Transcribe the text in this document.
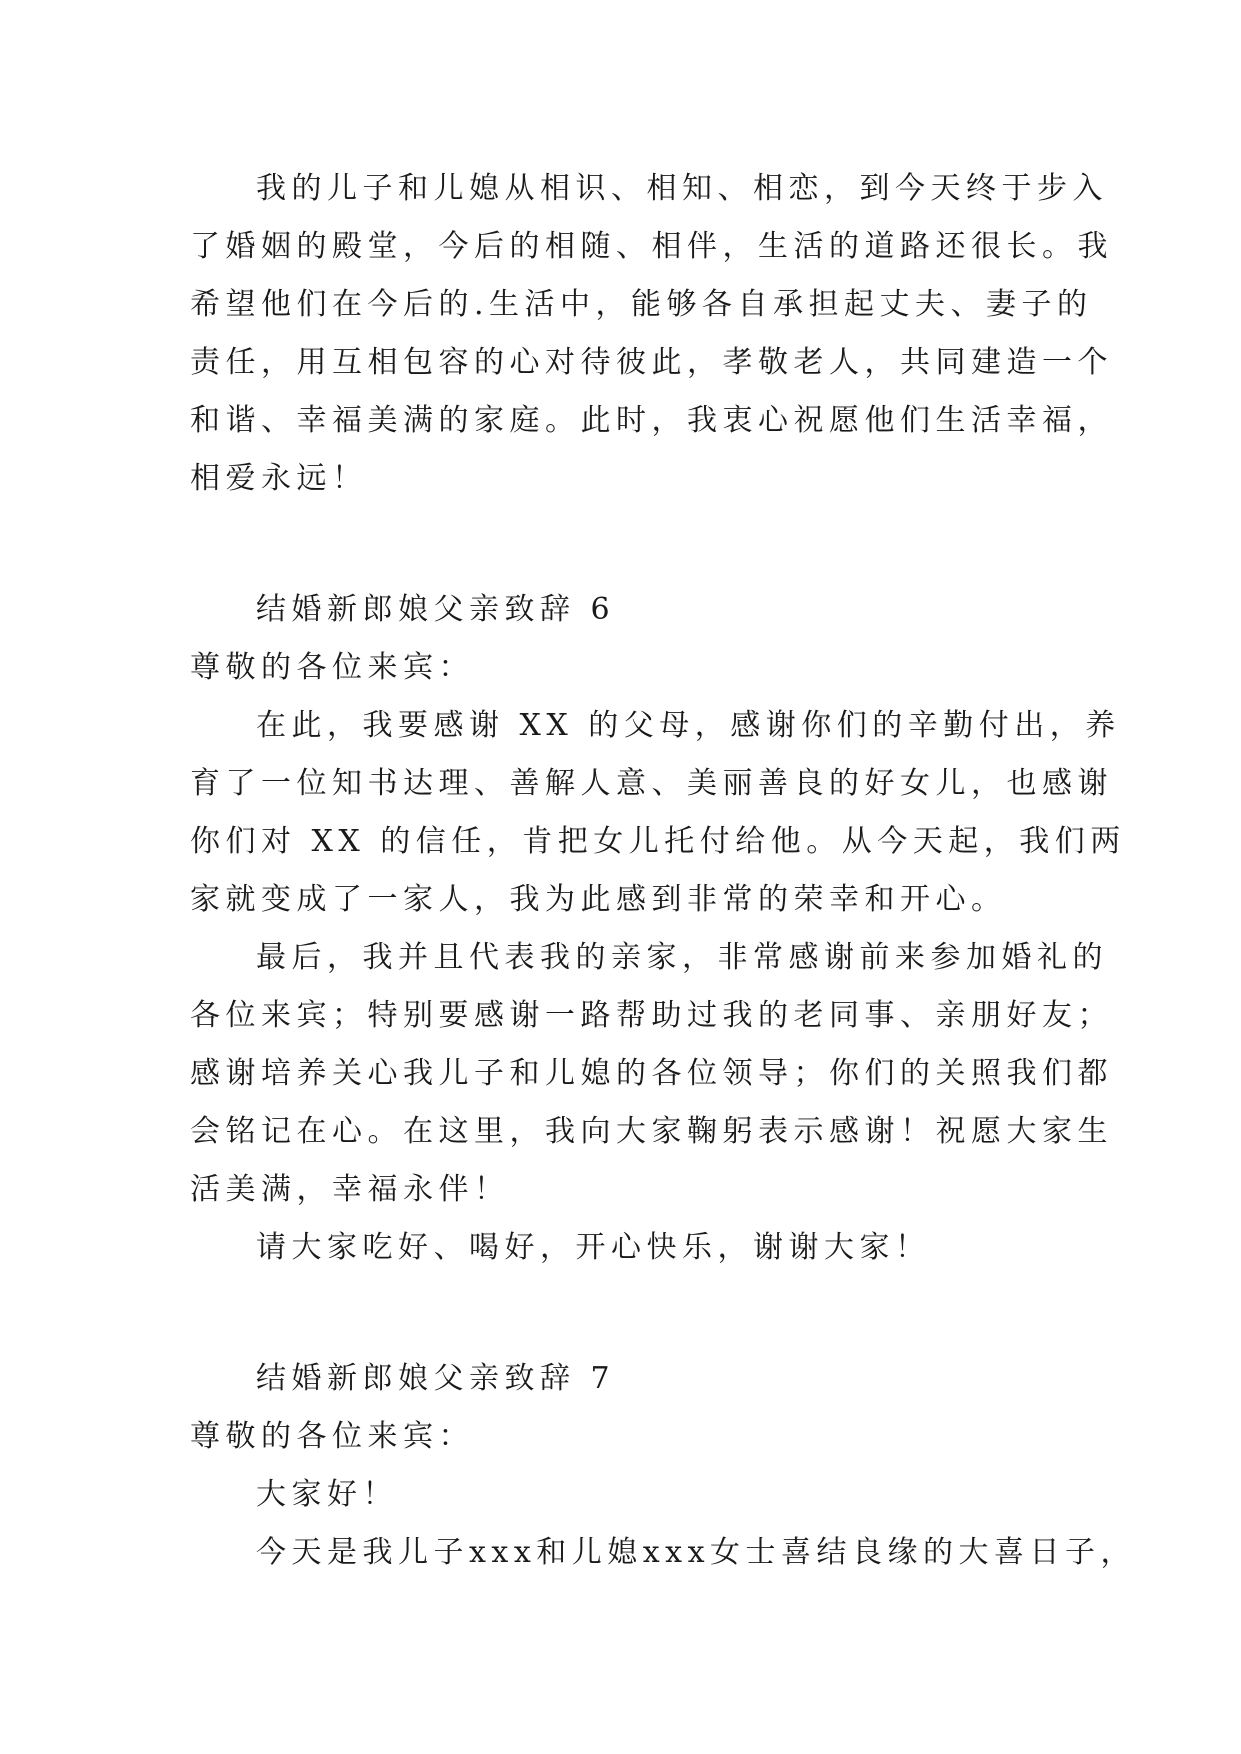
我的儿子和儿媳从相识、相知、相恋，到今天终于步入
了婚姻的殿堂，今后的相随、相伴，生活的道路还很长。我
希望他们在今后的.生活中，能够各自承担起丈夫、妻子的
责任，用互相包容的心对待彼此，孝敬老人，共同建造一个
和谐、幸福美满的家庭。此时，我衷心祝愿他们生活幸福，
相爱永远！
结婚新郎娘父亲致辞 6
尊敬的各位来宾：
在此，我要感谢 XX 的父母，感谢你们的辛勤付出，养
育了一位知书达理、善解人意、美丽善良的好女儿，也感谢
你们对 XX 的信任，肯把女儿托付给他。从今天起，我们两
家就变成了一家人，我为此感到非常的荣幸和开心。
最后，我并且代表我的亲家，非常感谢前来参加婚礼的
各位来宾；特别要感谢一路帮助过我的老同事、亲朋好友；
感谢培养关心我儿子和儿媳的各位领导；你们的关照我们都
会铭记在心。在这里，我向大家鞠躬表示感谢！祝愿大家生
活美满，幸福永伴！
请大家吃好、喝好，开心快乐，谢谢大家！
结婚新郎娘父亲致辞 7
尊敬的各位来宾：
大家好！
今天是我儿子xxx和儿媳xxx女士喜结良缘的大喜日子，
